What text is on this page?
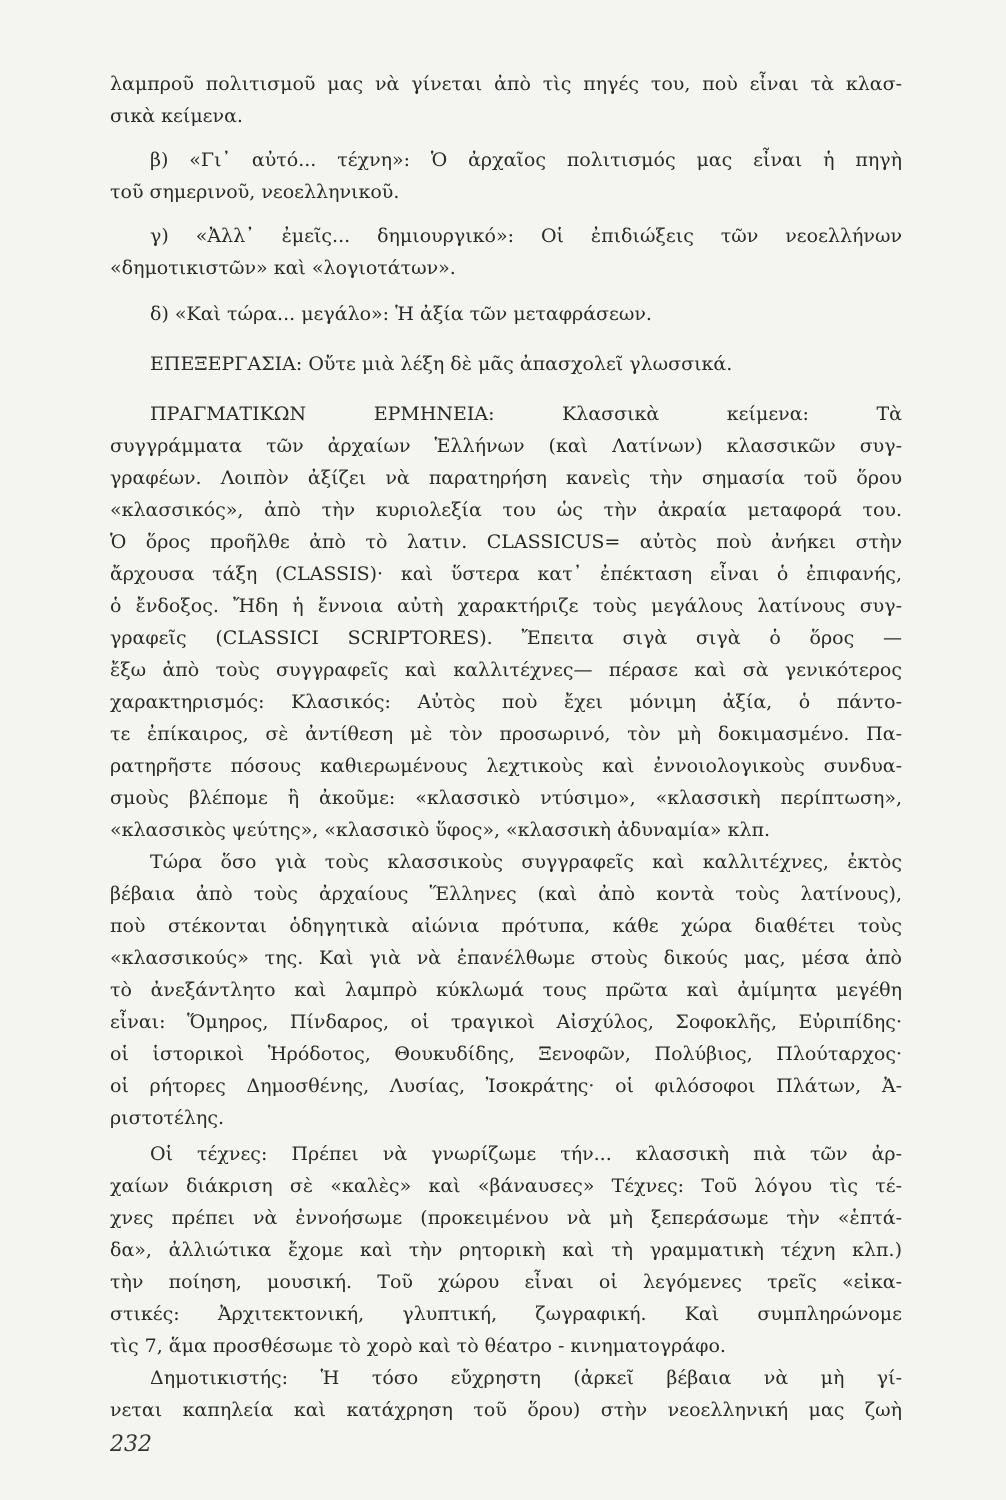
λαμπροῦ πολιτισμοῦ μας νὰ γίνεται ἀπὸ τὶς πηγές του, ποὺ εἶναι τὰ κλασ-
σικὰ κείμενα.
β) «Γι᾿ αὐτό... τέχνη»: Ὁ ἀρχαῖος πολιτισμός μας εἶναι ἡ πηγὴ
τοῦ σημερινοῦ, νεοελληνικοῦ.
γ) «Ἀλλ᾿ ἐμεῖς... δημιουργικό»: Οἱ ἐπιδιώξεις τῶν νεοελλήνων
«δημοτικιστῶν» καὶ «λογιοτάτων».
δ) «Καὶ τώρα... μεγάλο»: Ἡ ἀξία τῶν μεταφράσεων.
ΕΠΕΞΕΡΓΑΣΙΑ: Οὔτε μιὰ λέξη δὲ μᾶς ἀπασχολεῖ γλωσσικά.
ΠΡΑΓΜΑΤΙΚΩΝ ΕΡΜΗΝΕΙΑ: Κλασσικὰ κείμενα: Τὰ
συγγράμματα τῶν ἀρχαίων Ἑλλήνων (καὶ Λατίνων) κλασσικῶν συγ-
γραφέων. Λοιπὸν ἀξίζει νὰ παρατηρήση κανεὶς τὴν σημασία τοῦ ὅρου
«κλασσικός», ἀπὸ τὴν κυριολεξία του ὡς τὴν ἀκραία μεταφορά του.
Ὁ ὅρος προῆλθε ἀπὸ τὸ λατιν. CLASSICUS= αὐτὸς ποὺ ἀνήκει στὴν
ἄρχουσα τάξη (CLASSIS)· καὶ ὕστερα κατ᾿ ἐπέκταση εἶναι ὁ ἐπιφανής,
ὁ ἔνδοξος. Ἤδη ἡ ἔννοια αὐτὴ χαρακτήριζε τοὺς μεγάλους λατίνους συγ-
γραφεῖς (CLASSICI SCRIPTORES). Ἔπειτα σιγὰ σιγὰ ὁ ὅρος —
ἔξω ἀπὸ τοὺς συγγραφεῖς καὶ καλλιτέχνες— πέρασε καὶ σὰ γενικότερος
χαρακτηρισμός: Κλασικός: Αὐτὸς ποὺ ἔχει μόνιμη ἀξία, ὁ πάντο-
τε ἐπίκαιρος, σὲ ἀντίθεση μὲ τὸν προσωρινό, τὸν μὴ δοκιμασμένο. Πα-
ρατηρῆστε πόσους καθιερωμένους λεχτικοὺς καὶ ἐννοιολογικοὺς συνδυα-
σμοὺς βλέπομε ἢ ἀκοῦμε: «κλασσικὸ ντύσιμο», «κλασσικὴ περίπτωση»,
«κλασσικὸς ψεύτης», «κλασσικὸ ὕφος», «κλασσικὴ ἀδυναμία» κλπ.
Τώρα ὅσο γιὰ τοὺς κλασσικοὺς συγγραφεῖς καὶ καλλιτέχνες, ἐκτὸς
βέβαια ἀπὸ τοὺς ἀρχαίους Ἕλληνες (καὶ ἀπὸ κοντὰ τοὺς λατίνους),
ποὺ στέκονται ὁδηγητικὰ αἰώνια πρότυπα, κάθε χώρα διαθέτει τοὺς
«κλασσικούς» της. Καὶ γιὰ νὰ ἐπανέλθωμε στοὺς δικούς μας, μέσα ἀπὸ
τὸ ἀνεξάντλητο καὶ λαμπρὸ κύκλωμά τους πρῶτα καὶ ἀμίμητα μεγέθη
εἶναι: Ὅμηρος, Πίνδαρος, οἱ τραγικοὶ Αἰσχύλος, Σοφοκλῆς, Εὐριπίδης·
οἱ ἱστορικοὶ Ἡρόδοτος, Θουκυδίδης, Ξενοφῶν, Πολύβιος, Πλούταρχος·
οἱ ρήτορες Δημοσθένης, Λυσίας, Ἰσοκράτης· οἱ φιλόσοφοι Πλάτων, Ἀ-
ριστοτέλης.
Οἱ τέχνες: Πρέπει νὰ γνωρίζωμε τήν... κλασσικὴ πιὰ τῶν ἀρ-
χαίων διάκριση σὲ «καλὲς» καὶ «βάναυσες» Τέχνες: Τοῦ λόγου τὶς τέ-
χνες πρέπει νὰ ἐννοήσωμε (προκειμένου νὰ μὴ ξεπεράσωμε τὴν «ἑπτά-
δα», ἀλλιώτικα ἔχομε καὶ τὴν ρητορικὴ καὶ τὴ γραμματικὴ τέχνη κλπ.)
τὴν ποίηση, μουσική. Τοῦ χώρου εἶναι οἱ λεγόμενες τρεῖς «εἰκα-
στικές: Ἀρχιτεκτονική, γλυπτική, ζωγραφική. Καὶ συμπληρώνομε
τὶς 7, ἅμα προσθέσωμε τὸ χορὸ καὶ τὸ θέατρο - κινηματογράφο.
Δημοτικιστής: Ἡ τόσο εὔχρηστη (ἀρκεῖ βέβαια νὰ μὴ γί-
νεται καπηλεία καὶ κατάχρηση τοῦ ὅρου) στὴν νεοελληνική μας ζωὴ
232
